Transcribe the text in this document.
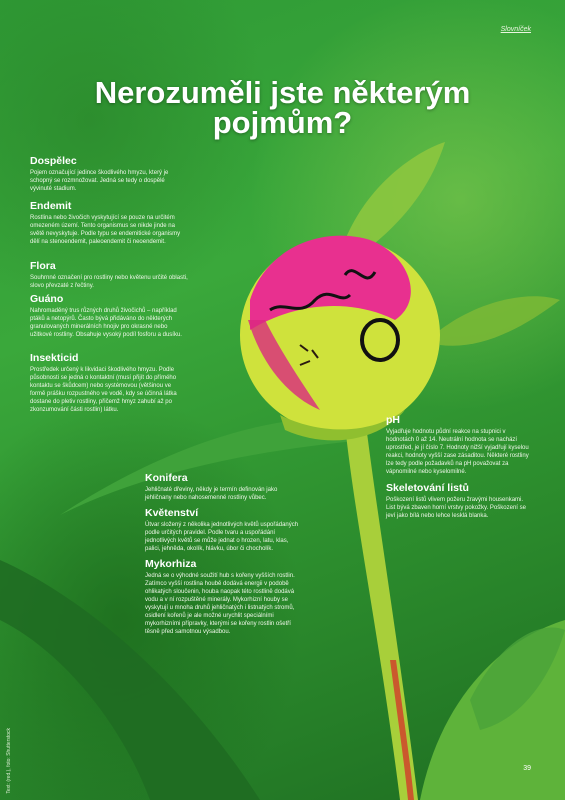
Slovníček
Nerozuměli jste některým pojmům?
Dospělec

Pojem označující jedince škodlivého hmyzu, který je schopný se rozmnožovat. Jedná se tedy o dospělé vývinuté stadium.

Endemit

Rostlina nebo živočich vyskytující se pouze na určitém omezeném území. Tento organismus se nikde jinde na světě nevyskytuje. Podle typu se endemitické organismy dělí na stenoendemit, paleoendemit či neoendemit.

Flora

Souhrnné označení pro rostliny nebo květenu určité oblasti, slovo převzaté z řečtiny.

Guáno

Nahromaděný trus různých druhů živočichů – například ptáků a netopýrů. Často bývá přidáváno do některých granulovaných minerálních hnojiv pro okrasné nebo užitkové rostliny. Obsahuje vysoký podíl fosforu a dusíku.

Insekticid

Prostředek určený k likvidaci škodlivého hmyzu. Podle působnosti se jedná o kontaktní (musí přijít do přímého kontaktu se škůdcem) nebo systémovou (většinou ve formě prášku rozpustného ve vodě, kdy se účinná látka dostane do pletiv rostliny, přičemž hmyz zahubí až po zkonzumování části rostlin) látku.

pH

Vyjadřuje hodnotu půdní reakce na stupnici v hodnotách 0 až 14. Neutrální hodnota se nachází uprostřed, je jí číslo 7. Hodnoty nižší vyjadřují kyselou reakci, hodnoty vyšší zase zásaditou. Některé rostliny lze tedy podle požadavků na pH považovat za vápnomilné nebo kyselomilné.

Skeletování listů

Poškození listů vlivem požeru žravými housenkami. List bývá zbaven horní vrstvy pokožky. Poškození se jeví jako bílá nebo lehce lesklá blanka.

Konifera

Jehličnaté dřeviny, někdy je termín definován jako jehličnany nebo nahosemenné rostliny vůbec.

Květenství

Útvar složený z několika jednotlivých květů uspořádaných podle určitých pravidel. Podle tvaru a uspořádání jednotlivých květů se může jednat o hrozen, latu, klas, palici, jehněda, okolík, hlávku, úbor či chocholík.

Mykorhiza

Jedná se o výhodné soužití hub s kořeny vyšších rostlin. Zatímco vyšší rostlina houbě dodává energii v podobě ohlikatých sloučenin, houba naopak této rostlině dodává vodu a v ní rozpuštěné minerály. Mykorhizní houby se vyskytují u mnoha druhů jehličnatých i listnatých stromů, osidlení kořenů je ale možné urychlit speciálními mykorhizními přípravky, kterými se kořeny rostlin ošetří těsně před samotnou výsadbou.

Text: (red.), foto: Shutterstock	39
